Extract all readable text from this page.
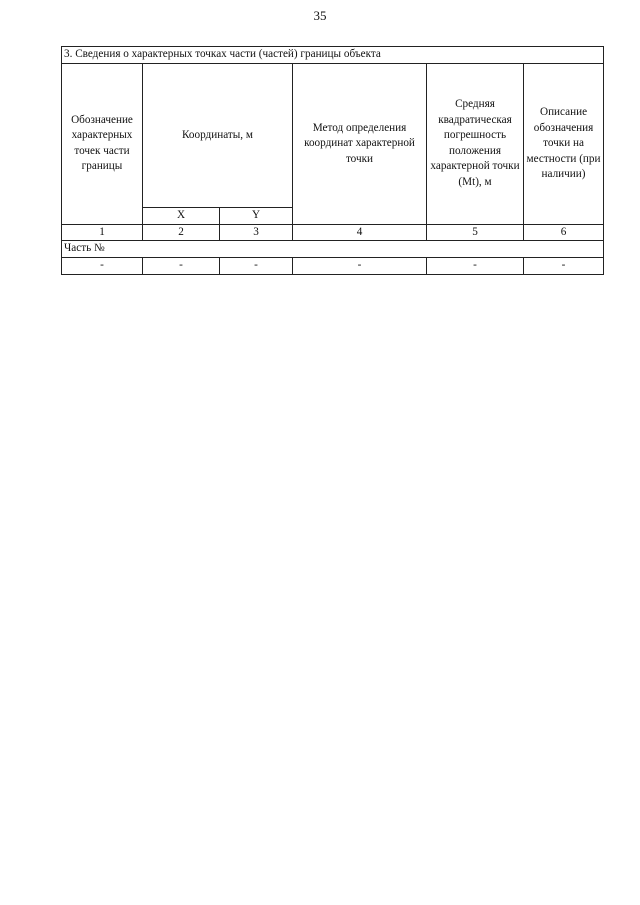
35
3. Сведения о характерных точках части (частей) границы объекта					
Обозначение характерных точек части границы	Координаты, м		Метод определения координат характерной точки	Средняя квадратическая погрешность положения характерной точки (Mt), м	Описание обозначения точки на местности (при наличии)
	X	Y			
1	2	3	4	5	6
Часть №					
-	-	-	-	-	-
